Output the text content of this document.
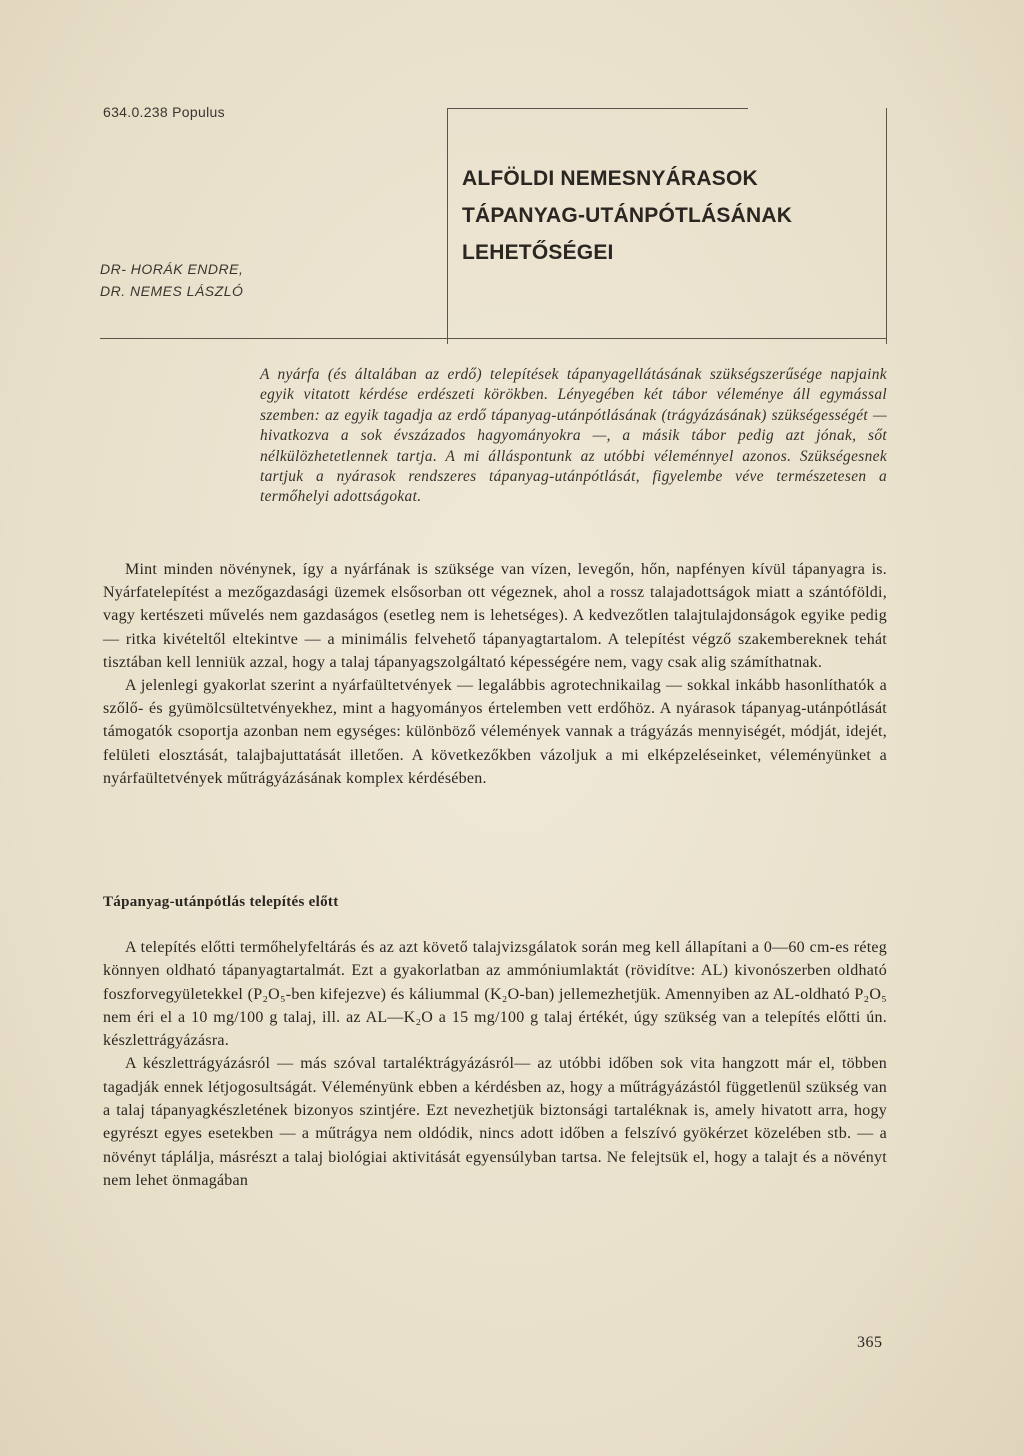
634.0.238 Populus
DR- HORÁK ENDRE,
DR. NEMES LÁSZLÓ
ALFÖLDI NEMESNYÁRASOK
TÁPANYAG-UTÁNPÓTLÁSÁNAK
LEHETŐSÉGEI
A nyárfa (és általában az erdő) telepítések tápanyagellátásának szükségszerűsége napjaink egyik vitatott kérdése erdészeti körökben. Lényegében két tábor véleménye áll egymással szemben: az egyik tagadja az erdő tápanyag-utánpótlásának (trágyázásának) szükségességét — hivatkozva a sok évszázados hagyományokra —, a másik tábor pedig azt jónak, sőt nélkülözhetetlennek tartja. A mi álláspontunk az utóbbi véleménnyel azonos. Szükségesnek tartjuk a nyárasok rendszeres tápanyag-utánpótlását, figyelembe véve természetesen a termőhelyi adottságokat.

Mint minden növénynek, így a nyárfának is szüksége van vízen, levegőn, hőn, napfényen kívül tápanyagra is. Nyárfatelepítést a mezőgazdasági üzemek elsősorban ott végeznek, ahol a rossz talajadottságok miatt a szántóföldi, vagy kertészeti művelés nem gazdaságos (esetleg nem is lehetséges). A kedvezőtlen talajtulajdonságok egyike pedig — ritka kivételtől eltekintve — a minimális felvehető tápanyagtartalom. A telepítést végző szakembereknek tehát tisztában kell lenniük azzal, hogy a talaj tápanyagszolgáltató képességére nem, vagy csak alig számíthatnak.

A jelenlegi gyakorlat szerint a nyárfaültetvények — legalábbis agrotechnikailag — sokkal inkább hasonlíthatók a szőlő- és gyümölcsültetvényekhez, mint a hagyományos értelemben vett erdőhöz. A nyárasok tápanyag-utánpótlását támogatók csoportja azonban nem egységes: különböző vélemények vannak a trágyázás mennyiségét, módját, idejét, felületi elosztását, talajbajuttatását illetően. A következőkben vázoljuk a mi elképzeléseinket, véleményünket a nyárfaültetvények műtrágyázásának komplex kérdésében.

Tápanyag-utánpótlás telepítés előtt

A telepítés előtti termőhelyfeltárás és az azt követő talajvizsgálatok során meg kell állapítani a 0—60 cm-es réteg könnyen oldható tápanyagtartalmát. Ezt a gyakorlatban az ammóniumlaktát (rövidítve: AL) kivonószerben oldható foszforvegyületekkel (P₂O₅-ben kifejezve) és káliummal (K₂O-ban) jellemezhetjük. Amennyiben az AL-oldható P₂O₅ nem éri el a 10 mg/100 g talaj, ill. az AL—K₂O a 15 mg/100 g talaj értékét, úgy szükség van a telepítés előtti ún. készlettrágyázásra.

A készlettrágyázásról — más szóval tartaléktrágyázásról— az utóbbi időben sok vita hangzott már el, többen tagadják ennek létjogosultságát. Véleményünk ebben a kérdésben az, hogy a műtrágyázástól függetlenül szükség van a talaj tápanyagkészletének bizonyos szintjére. Ezt nevezhetjük biztonsági tartaléknak is, amely hivatott arra, hogy egyrészt egyes esetekben — a műtrágya nem oldódik, nincs adott időben a felszívó gyökérzet közelében stb. — a növényt táplálja, másrészt a talaj biológiai aktivitását egyensúlyban tartsa. Ne felejtsük el, hogy a talajt és a növényt nem lehet önmagában

365
